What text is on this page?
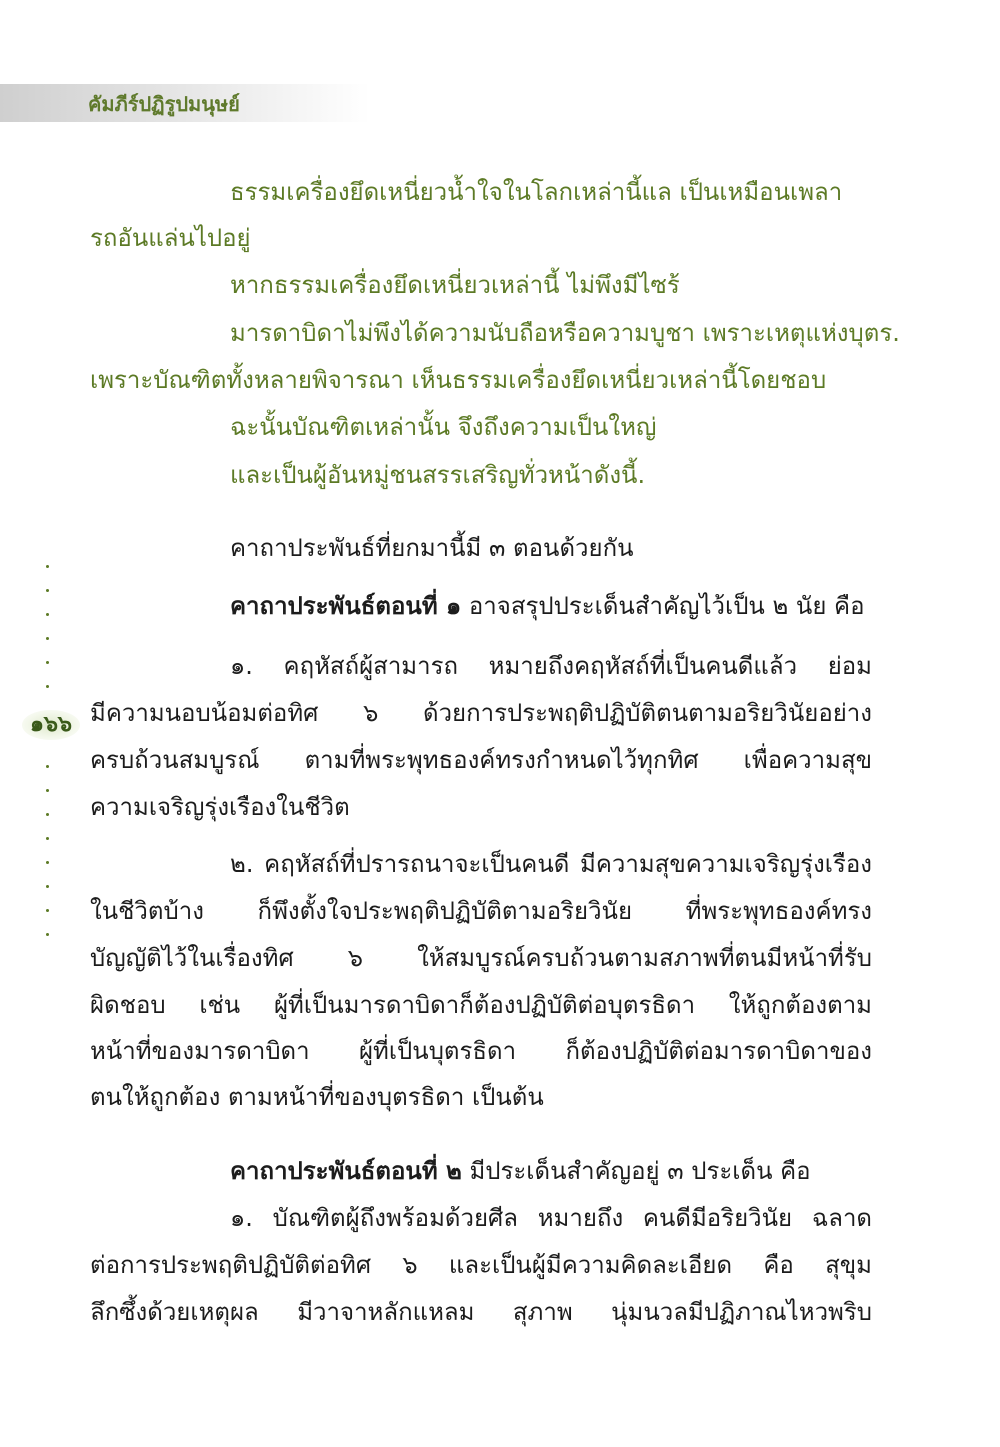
คัมภีร์ปฏิรูปมนุษย์
ธรรมเครื่องยึดเหนี่ยวน้ำใจในโลกเหล่านี้แล เป็นเหมือนเพลา
รถอันแล่นไปอยู่
หากธรรมเครื่องยึดเหนี่ยวเหล่านี้ ไม่พึงมีไซร้
มารดาบิดาไม่พึงได้ความนับถือหรือความบูชา เพราะเหตุแห่งบุตร.
เพราะบัณฑิตทั้งหลายพิจารณา เห็นธรรมเครื่องยึดเหนี่ยวเหล่านี้โดยชอบ
ฉะนั้นบัณฑิตเหล่านั้น จึงถึงความเป็นใหญ่
และเป็นผู้อันหมู่ชนสรรเสริญทั่วหน้าดังนี้.
คาถาประพันธ์ที่ยกมานี้มี ๓ ตอนด้วยกัน
คาถาประพันธ์ตอนที่ ๑ อาจสรุปประเด็นสำคัญไว้เป็น ๒ นัย คือ
๑. คฤหัสถ์ผู้สามารถ หมายถึงคฤหัสถ์ที่เป็นคนดีแล้ว ย่อม
มีความนอบน้อมต่อทิศ ๖ ด้วยการประพฤติปฏิบัติตนตามอริยวินัยอย่าง
ครบถ้วนสมบูรณ์ ตามที่พระพุทธองค์ทรงกำหนดไว้ทุกทิศ เพื่อความสุข
ความเจริญรุ่งเรืองในชีวิต
๒. คฤหัสถ์ที่ปรารถนาจะเป็นคนดี มีความสุขความเจริญรุ่งเรือง
ในชีวิตบ้าง ก็พึงตั้งใจประพฤติปฏิบัติตามอริยวินัย ที่พระพุทธองค์ทรง
บัญญัติไว้ในเรื่องทิศ ๖ ให้สมบูรณ์ครบถ้วนตามสภาพที่ตนมีหน้าที่รับ
ผิดชอบ เช่น ผู้ที่เป็นมารดาบิดาก็ต้องปฏิบัติต่อบุตรธิดา ให้ถูกต้องตาม
หน้าที่ของมารดาบิดา ผู้ที่เป็นบุตรธิดา ก็ต้องปฏิบัติต่อมารดาบิดาของ
ตนให้ถูกต้อง ตามหน้าที่ของบุตรธิดา เป็นต้น
คาถาประพันธ์ตอนที่ ๒ มีประเด็นสำคัญอยู่ ๓ ประเด็น คือ
๑. บัณฑิตผู้ถึงพร้อมด้วยศีล หมายถึง คนดีมีอริยวินัย ฉลาด
ต่อการประพฤติปฏิบัติต่อทิศ ๖ และเป็นผู้มีความคิดละเอียด คือ สุขุม
ลึกซึ้งด้วยเหตุผล มีวาจาหลักแหลม สุภาพ นุ่มนวลมีปฏิภาณไหวพริบ
๑๖๖
